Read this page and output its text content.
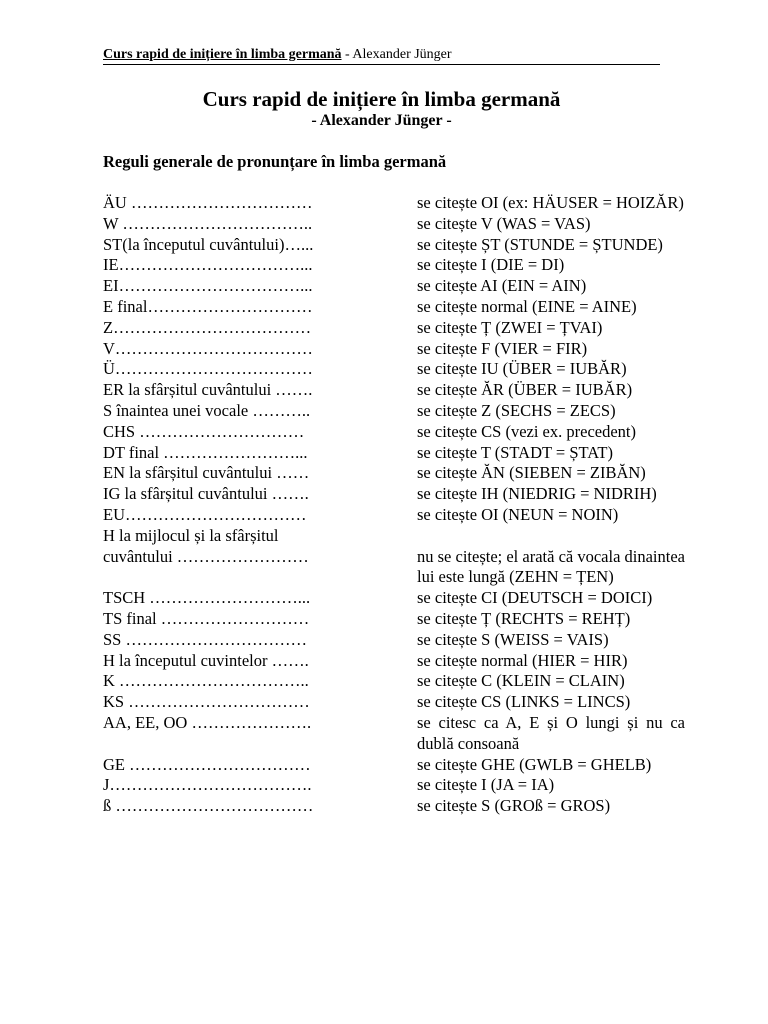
Curs rapid de inițiere în limba germană - Alexander Jünger
Curs rapid de inițiere în limba germană
- Alexander Jünger -
Reguli generale de pronunțare în limba germană
ÄU ……………………………	se citește OI (ex: HÄUSER = HOIZĂR)
W ……………………………..	se citește V (WAS = VAS)
ST(la începutul cuvântului)…...	se citește ȘT (STUNDE = ȘTUNDE)
IE……………………………...	se citește I (DIE = DI)
EI……………………………...	se citește AI (EIN = AIN)
E final…………………………	se citește normal (EINE = AINE)
Z………………………………	se citește Ț (ZWEI = ȚVAI)
V………………………………	se citește F (VIER = FIR)
Ü………………………………	se citește IU (ÜBER = IUBĂR)
ER la sfârșitul cuvântului …….	se citește ĂR (ÜBER = IUBĂR)
S înaintea unei vocale ………..	se citește Z (SECHS = ZECS)
CHS …………………………	se citește CS (vezi ex. precedent)
DT final ……………………...	se citește T (STADT = ȘTAT)
EN la sfârșitul cuvântului ……	se citește ĂN (SIEBEN = ZIBĂN)
IG la sfârșitul cuvântului …….	se citește IH (NIEDRIG = NIDRIH)
EU……………………………	se citește OI (NEUN = NOIN)
H la mijlocul și la sfârșitul
cuvântului ……………………	nu se citește; el arată că vocala dinaintea lui este lungă (ZEHN = ȚEN)
TSCH ………………………...	se citește CI (DEUTSCH = DOICI)
TS final ………………………	se citește Ț (RECHTS = REHȚ)
SS ……………………………	se citește S (WEISS = VAIS)
H la începutul cuvintelor …….	se citește normal (HIER = HIR)
K ……………………………..	se citește C (KLEIN = CLAIN)
KS ……………………………	se citește CS (LINKS = LINCS)
AA, EE, OO ………………….	se citesc ca A, E și O lungi și nu ca dublă consoană
GE ……………………………	se citește GHE (GWLB = GHELB)
J……………………………….	se citește I (JA = IA)
ß ………………………………	se citește S (GROß = GROS)
